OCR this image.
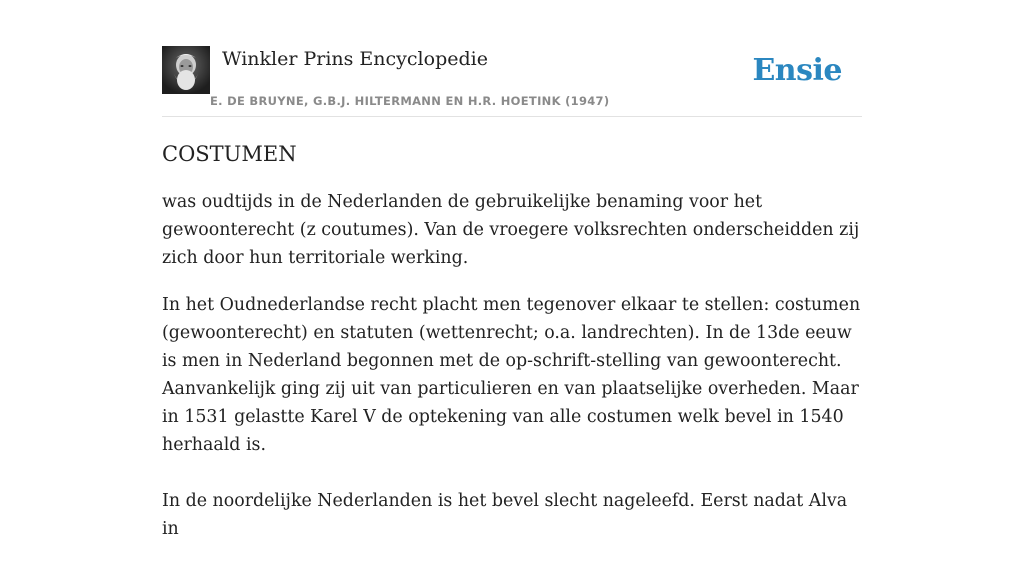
Winkler Prins Encyclopedie
E. DE BRUYNE, G.B.J. HILTERMANN EN H.R. HOETINK (1947)
Ensie
COSTUMEN

was oudtijds in de Nederlanden de gebruikelijke benaming voor het gewoonterecht (z coutumes). Van de vroegere volksrechten onderscheidden zij zich door hun territoriale werking.

In het Oudnederlandse recht placht men tegenover elkaar te stellen: costumen (gewoonterecht) en statuten (wettenrecht; o.a. landrechten). In de 13de eeuw is men in Nederland begonnen met de op-schrift-stelling van gewoonterecht. Aanvankelijk ging zij uit van particulieren en van plaatselijke overheden. Maar in 1531 gelastte Karel V de optekening van alle costumen welk bevel in 1540 herhaald is.

In de noordelijke Nederlanden is het bevel slecht nageleefd. Eerst nadat Alva in
